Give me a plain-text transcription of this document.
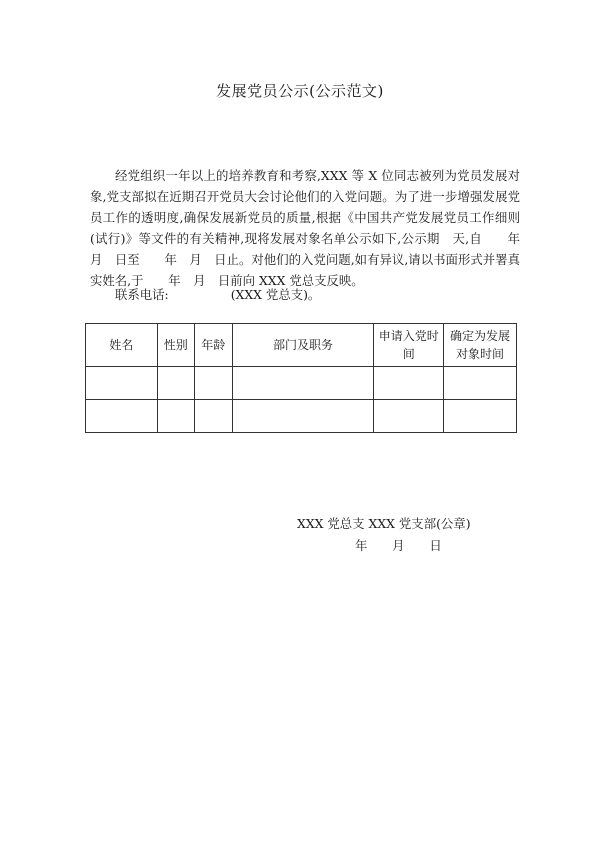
发展党员公示(公示范文)

经党组织一年以上的培养教育和考察,XXX 等 X 位同志被列为党员发展对象,党支部拟在近期召开党员大会讨论他们的入党问题。为了进一步增强发展党员工作的透明度,确保发展新党员的质量,根据《中国共产党发展党员工作细则(试行)》等文件的有关精神,现将发展对象名单公示如下,公示期　天,自　　年　　月　日至　　年　月　日止。对他们的入党问题,如有异议,请以书面形式并署真实姓名,于　　年　月　日前向 XXX 党总支反映。

联系电话:　　　　　(XXX 党总支)。
姓名	性别	年龄	部门及职务	申请入党时间	确定为发展对象时间

XXX 党总支 XXX 党支部(公章)
年　　月　　日
